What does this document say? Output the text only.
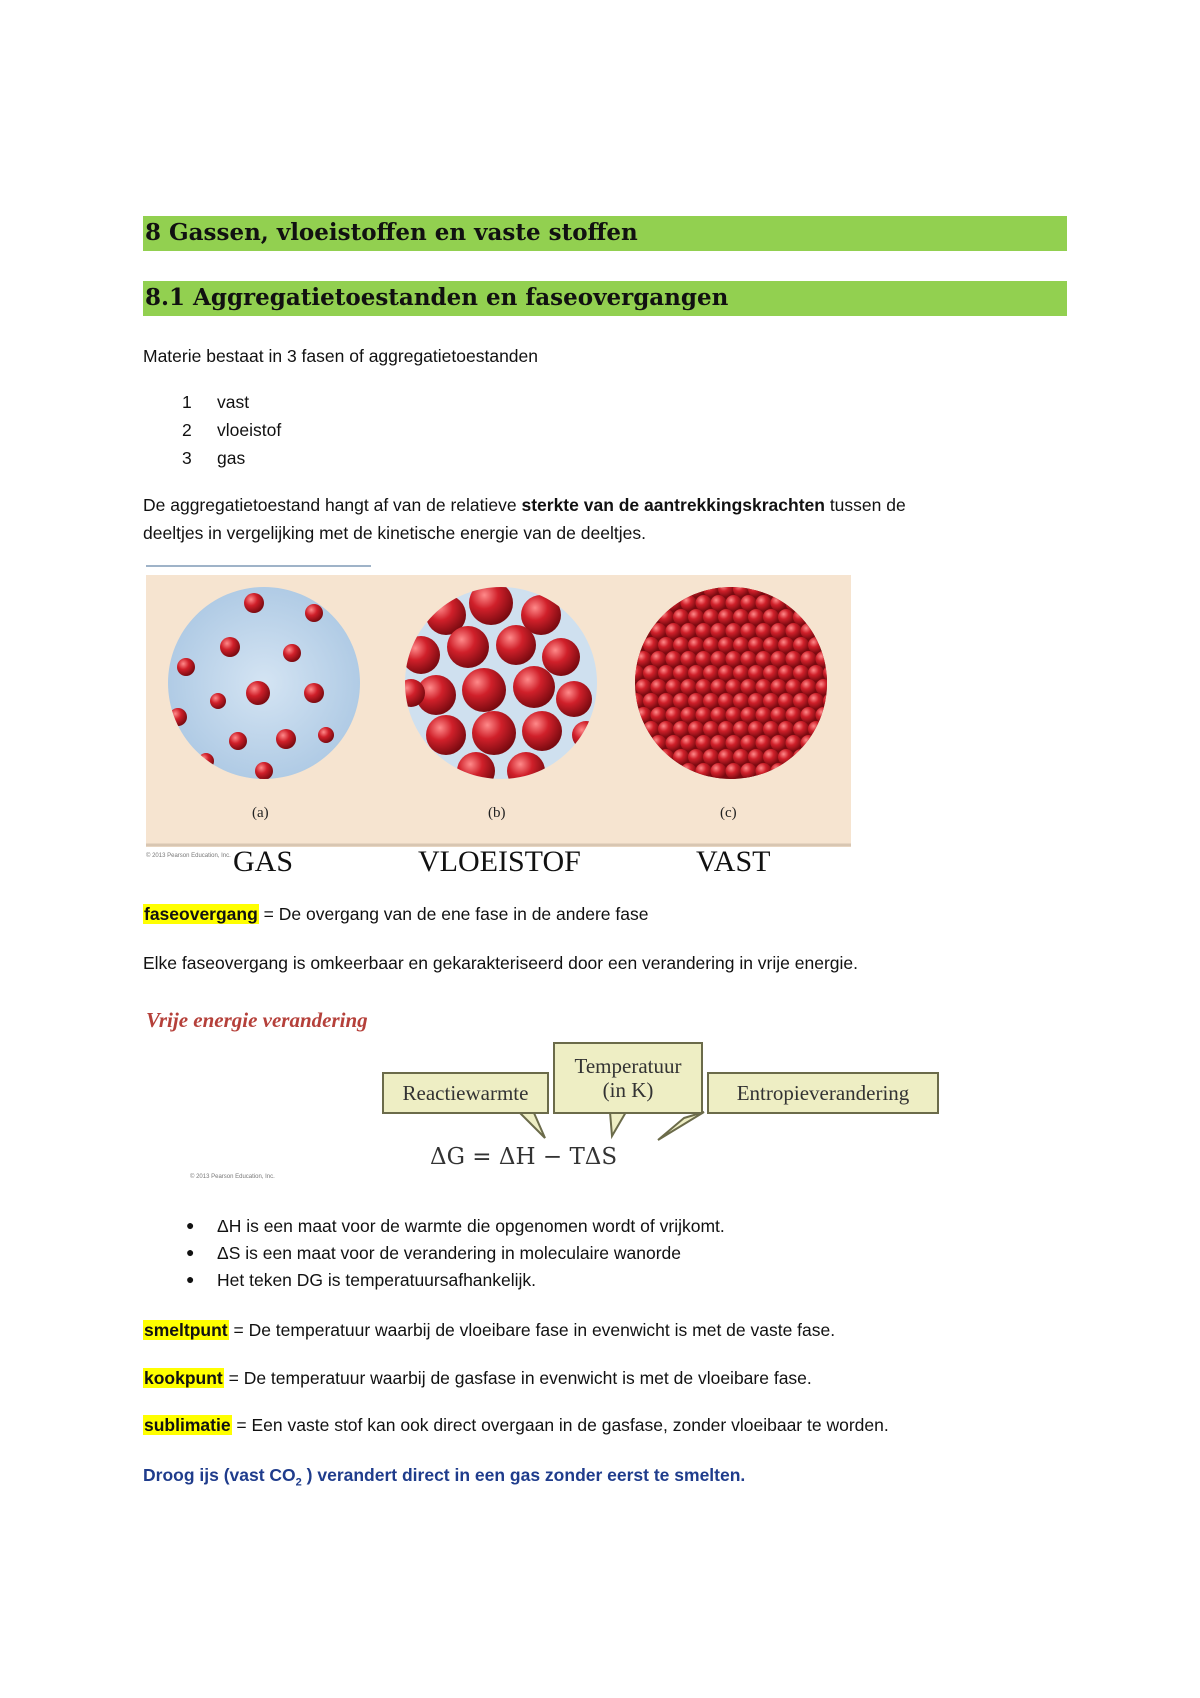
8 Gassen, vloeistoffen en vaste stoffen
8.1 Aggregatietoestanden en faseovergangen
Materie bestaat in 3 fasen of aggregatietoestanden
1 vast
2 vloeistof
3 gas
De aggregatietoestand hangt af van de relatieve sterkte van de aantrekkingskrachten tussen de
deeltjes in vergelijking met de kinetische energie van de deeltjes.
(a)	(b)	(c)
© 2013 Pearson Education, Inc. GAS	VLOEISTOF	VAST
faseovergang = De overgang van de ene fase in de andere fase
Elke faseovergang is omkeerbaar en gekarakteriseerd door een verandering in vrije energie.
Vrije energie verandering
Reactiewarmte
Temperatuur
(in K)	Entropieverandering
ΔG = ΔH − TΔS
© 2013 Pearson Education, Inc.
● ΔH is een maat voor de warmte die opgenomen wordt of vrijkomt.
● ΔS is een maat voor de verandering in moleculaire wanorde
● Het teken DG is temperatuursafhankelijk.
smeltpunt = De temperatuur waarbij de vloeibare fase in evenwicht is met de vaste fase.
kookpunt = De temperatuur waarbij de gasfase in evenwicht is met de vloeibare fase.
sublimatie = Een vaste stof kan ook direct overgaan in de gasfase, zonder vloeibaar te worden.
Droog ijs (vast $CO_2$ ) verandert direct in een gas zonder eerst te smelten.
